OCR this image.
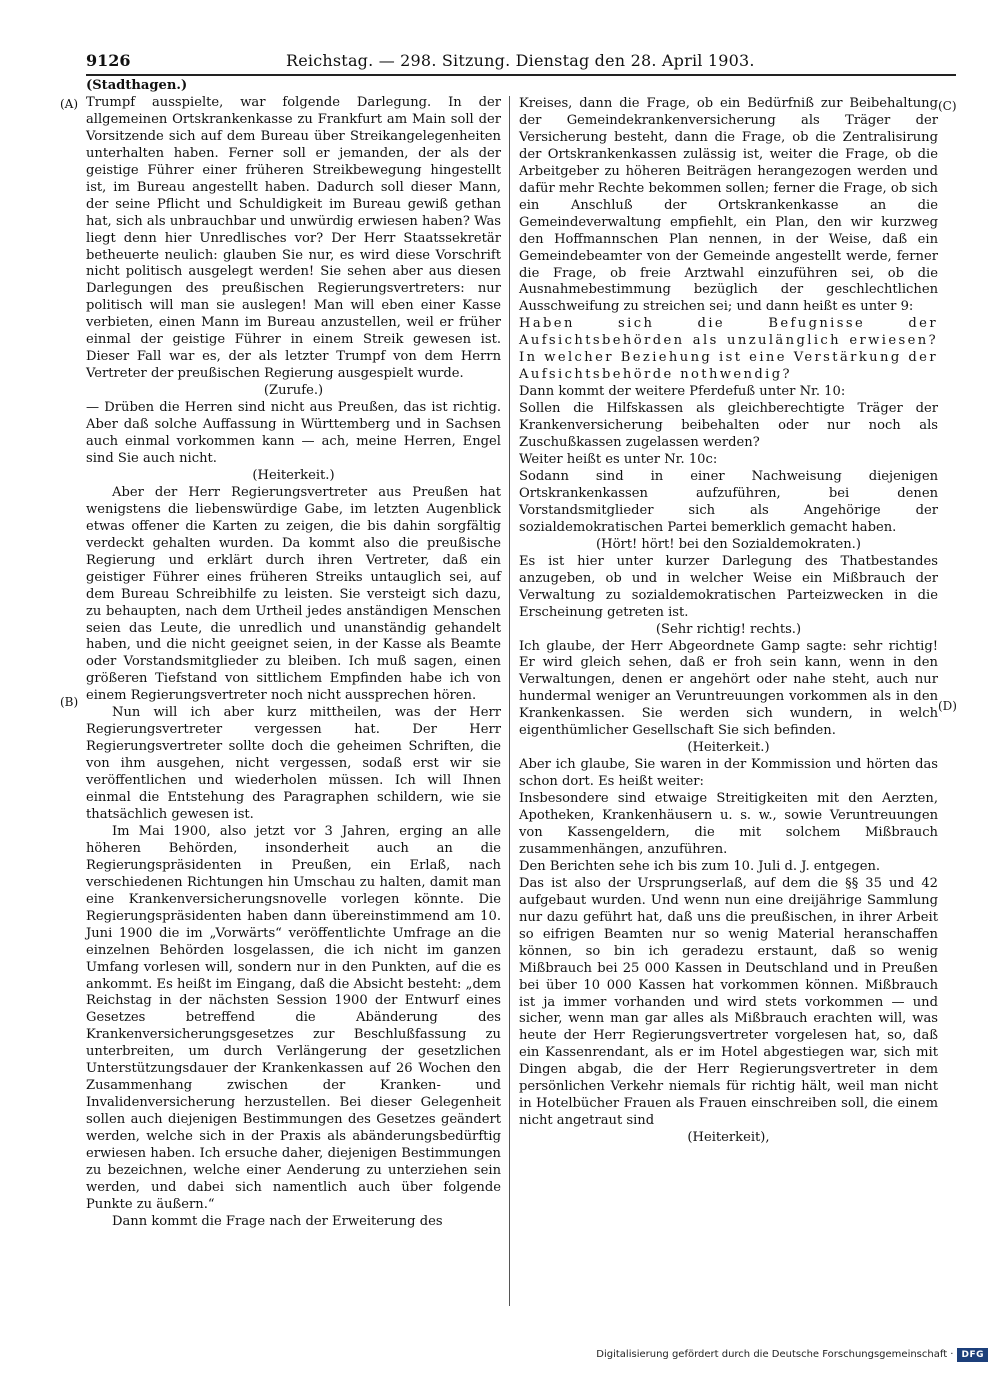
9126	Reichstag. — 298. Sitzung. Dienstag den 28. April 1903.
(A)
(B)
(C)
(D)

(Stadthagen.)

Trumpf ausspielte, war folgende Darlegung. In der allgemeinen Ortskrankenkasse zu Frankfurt am Main soll der Vorsitzende sich auf dem Bureau über Streikangelegenheiten unterhalten haben. Ferner soll er jemanden, der als der geistige Führer einer früheren Streikbewegung hingestellt ist, im Bureau angestellt haben. Dadurch soll dieser Mann, der seine Pflicht und Schuldigkeit im Bureau gewiß gethan hat, sich als unbrauchbar und unwürdig erwiesen haben? Was liegt denn hier Unredlisches vor? Der Herr Staatssekretär betheuerte neulich: glauben Sie nur, es wird diese Vorschrift nicht politisch ausgelegt werden! Sie sehen aber aus diesen Darlegungen des preußischen Regierungsvertreters: nur politisch will man sie auslegen! Man will eben einer Kasse verbieten, einen Mann im Bureau anzustellen, weil er früher einmal der geistige Führer in einem Streik gewesen ist. Dieser Fall war es, der als letzter Trumpf von dem Herrn Vertreter der preußischen Regierung ausgespielt wurde.

(Zurufe.)

— Drüben die Herren sind nicht aus Preußen, das ist richtig. Aber daß solche Auffassung in Württemberg und in Sachsen auch einmal vorkommen kann — ach, meine Herren, Engel sind Sie auch nicht.

(Heiterkeit.)

Aber der Herr Regierungsvertreter aus Preußen hat wenigstens die liebenswürdige Gabe, im letzten Augenblick etwas offener die Karten zu zeigen, die bis dahin sorgfältig verdeckt gehalten wurden. Da kommt also die preußische Regierung und erklärt durch ihren Vertreter, daß ein geistiger Führer eines früheren Streiks untauglich sei, auf dem Bureau Schreibhilfe zu leisten. Sie versteigt sich dazu, zu behaupten, nach dem Urtheil jedes anständigen Menschen seien das Leute, die unredlich und unanständig gehandelt haben, und die nicht geeignet seien, in der Kasse als Beamte oder Vorstandsmitglieder zu bleiben. Ich muß sagen, einen größeren Tiefstand von sittlichem Empfinden habe ich von einem Regierungsvertreter noch nicht aussprechen hören.

Nun will ich aber kurz mittheilen, was der Herr Regierungsvertreter vergessen hat. Der Herr Regierungsvertreter sollte doch die geheimen Schriften, die von ihm ausgehen, nicht vergessen, sodaß erst wir sie veröffentlichen und wiederholen müssen. Ich will Ihnen einmal die Entstehung des Paragraphen schildern, wie sie thatsächlich gewesen ist.

Im Mai 1900, also jetzt vor 3 Jahren, erging an alle höheren Behörden, insonderheit auch an die Regierungspräsidenten in Preußen, ein Erlaß, nach verschiedenen Richtungen hin Umschau zu halten, damit man eine Krankenversicherungsnovelle vorlegen könnte. Die Regierungspräsidenten haben dann übereinstimmend am 10. Juni 1900 die im „Vorwärts“ veröffentlichte Umfrage an die einzelnen Behörden losgelassen, die ich nicht im ganzen Umfang vorlesen will, sondern nur in den Punkten, auf die es ankommt. Es heißt im Eingang, daß die Absicht besteht: „dem Reichstag in der nächsten Session 1900 der Entwurf eines Gesetzes betreffend die Abänderung des Krankenversicherungsgesetzes zur Beschlußfassung zu unterbreiten, um durch Verlängerung der gesetzlichen Unterstützungsdauer der Krankenkassen auf 26 Wochen den Zusammenhang zwischen der Kranken- und Invalidenversicherung herzustellen. Bei dieser Gelegenheit sollen auch diejenigen Bestimmungen des Gesetzes geändert werden, welche sich in der Praxis als abänderungsbedürftig erwiesen haben. Ich ersuche daher, diejenigen Bestimmungen zu bezeichnen, welche einer Aenderung zu unterziehen sein werden, und dabei sich namentlich auch über folgende Punkte zu äußern.“

Dann kommt die Frage nach der Erweiterung des

Kreises, dann die Frage, ob ein Bedürfniß zur Beibehaltung der Gemeindekrankenversicherung als Träger der Versicherung besteht, dann die Frage, ob die Zentralisirung der Ortskrankenkassen zulässig ist, weiter die Frage, ob die Arbeitgeber zu höheren Beiträgen herangezogen werden und dafür mehr Rechte bekommen sollen; ferner die Frage, ob sich ein Anschluß der Ortskrankenkasse an die Gemeindeverwaltung empfiehlt, ein Plan, den wir kurzweg den Hoffmannschen Plan nennen, in der Weise, daß ein Gemeindebeamter von der Gemeinde angestellt werde, ferner die Frage, ob freie Arztwahl einzuführen sei, ob die Ausnahmebestimmung bezüglich der geschlechtlichen Ausschweifung zu streichen sei; und dann heißt es unter 9:

Haben sich die Befugnisse der Aufsichtsbehörden als unzulänglich erwiesen? In welcher Beziehung ist eine Verstärkung der Aufsichtsbehörde nothwendig?

Dann kommt der weitere Pferdefuß unter Nr. 10:

Sollen die Hilfskassen als gleichberechtigte Träger der Krankenversicherung beibehalten oder nur noch als Zuschußkassen zugelassen werden?

Weiter heißt es unter Nr. 10c:

Sodann sind in einer Nachweisung diejenigen Ortskrankenkassen aufzuführen, bei denen Vorstandsmitglieder sich als Angehörige der sozialdemokratischen Partei bemerklich gemacht haben.

(Hört! hört! bei den Sozialdemokraten.)

Es ist hier unter kurzer Darlegung des Thatbestandes anzugeben, ob und in welcher Weise ein Mißbrauch der Verwaltung zu sozialdemokratischen Parteizwecken in die Erscheinung getreten ist.

(Sehr richtig! rechts.)

Ich glaube, der Herr Abgeordnete Gamp sagte: sehr richtig! Er wird gleich sehen, daß er froh sein kann, wenn in den Verwaltungen, denen er angehört oder nahe steht, auch nur hundermal weniger an Veruntreuungen vorkommen als in den Krankenkassen. Sie werden sich wundern, in welch eigenthümlicher Gesellschaft Sie sich befinden.

(Heiterkeit.)

Aber ich glaube, Sie waren in der Kommission und hörten das schon dort. Es heißt weiter:

Insbesondere sind etwaige Streitigkeiten mit den Aerzten, Apotheken, Krankenhäusern u. s. w., sowie Veruntreuungen von Kassengeldern, die mit solchem Mißbrauch zusammenhängen, anzuführen.

Den Berichten sehe ich bis zum 10. Juli d. J. entgegen.

Das ist also der Ursprungserlaß, auf dem die §§ 35 und 42 aufgebaut wurden. Und wenn nun eine dreijährige Sammlung nur dazu geführt hat, daß uns die preußischen, in ihrer Arbeit so eifrigen Beamten nur so wenig Material heranschaffen können, so bin ich geradezu erstaunt, daß so wenig Mißbrauch bei 25 000 Kassen in Deutschland und in Preußen bei über 10 000 Kassen hat vorkommen können. Mißbrauch ist ja immer vorhanden und wird stets vorkommen — und sicher, wenn man gar alles als Mißbrauch erachten will, was heute der Herr Regierungsvertreter vorgelesen hat, so, daß ein Kassenrendant, als er im Hotel abgestiegen war, sich mit Dingen abgab, die der Herr Regierungsvertreter in dem persönlichen Verkehr niemals für richtig hält, weil man nicht in Hotelbücher Frauen als Frauen einschreiben soll, die einem nicht angetraut sind

(Heiterkeit),

Digitalisierung gefördert durch die Deutsche Forschungsgemeinschaft · DFG
